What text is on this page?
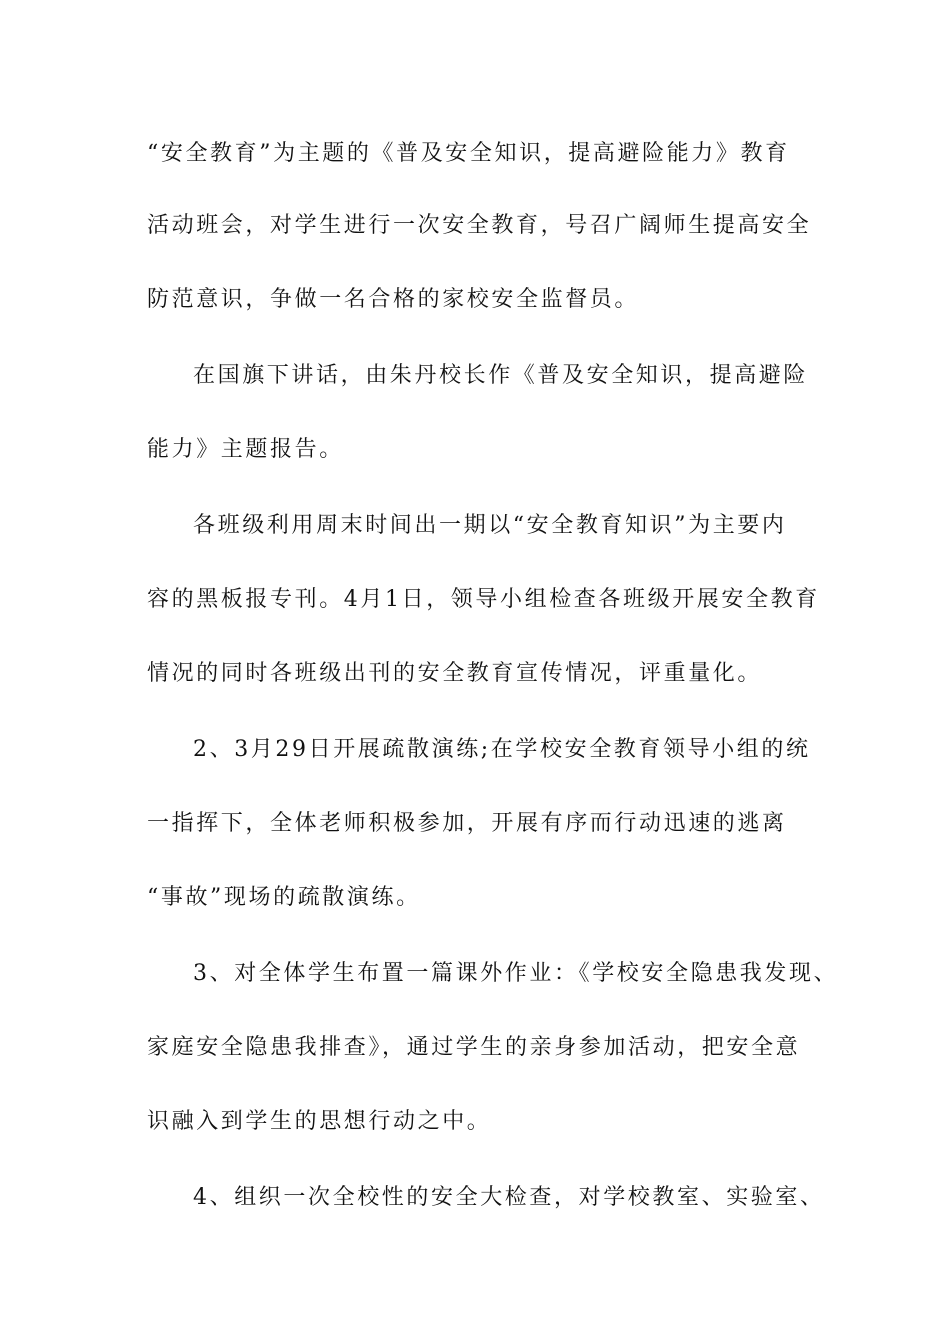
“安全教育”为主题的《普及安全知识，提高避险能力》教育
活动班会，对学生进行一次安全教育，号召广阔师生提高安全
防范意识，争做一名合格的家校安全监督员。
在国旗下讲话，由朱丹校长作《普及安全知识，提高避险
能力》主题报告。
各班级利用周末时间出一期以“安全教育知识”为主要内
容的黑板报专刊。4月1日，领导小组检查各班级开展安全教育
情况的同时各班级出刊的安全教育宣传情况，评重量化。
2、3月29日开展疏散演练;在学校安全教育领导小组的统
一指挥下，全体老师积极参加，开展有序而行动迅速的逃离
“事故”现场的疏散演练。
3、对全体学生布置一篇课外作业：《学校安全隐患我发现、
家庭安全隐患我排查》，通过学生的亲身参加活动，把安全意
识融入到学生的思想行动之中。
4、组织一次全校性的安全大检查，对学校教室、实验室、
